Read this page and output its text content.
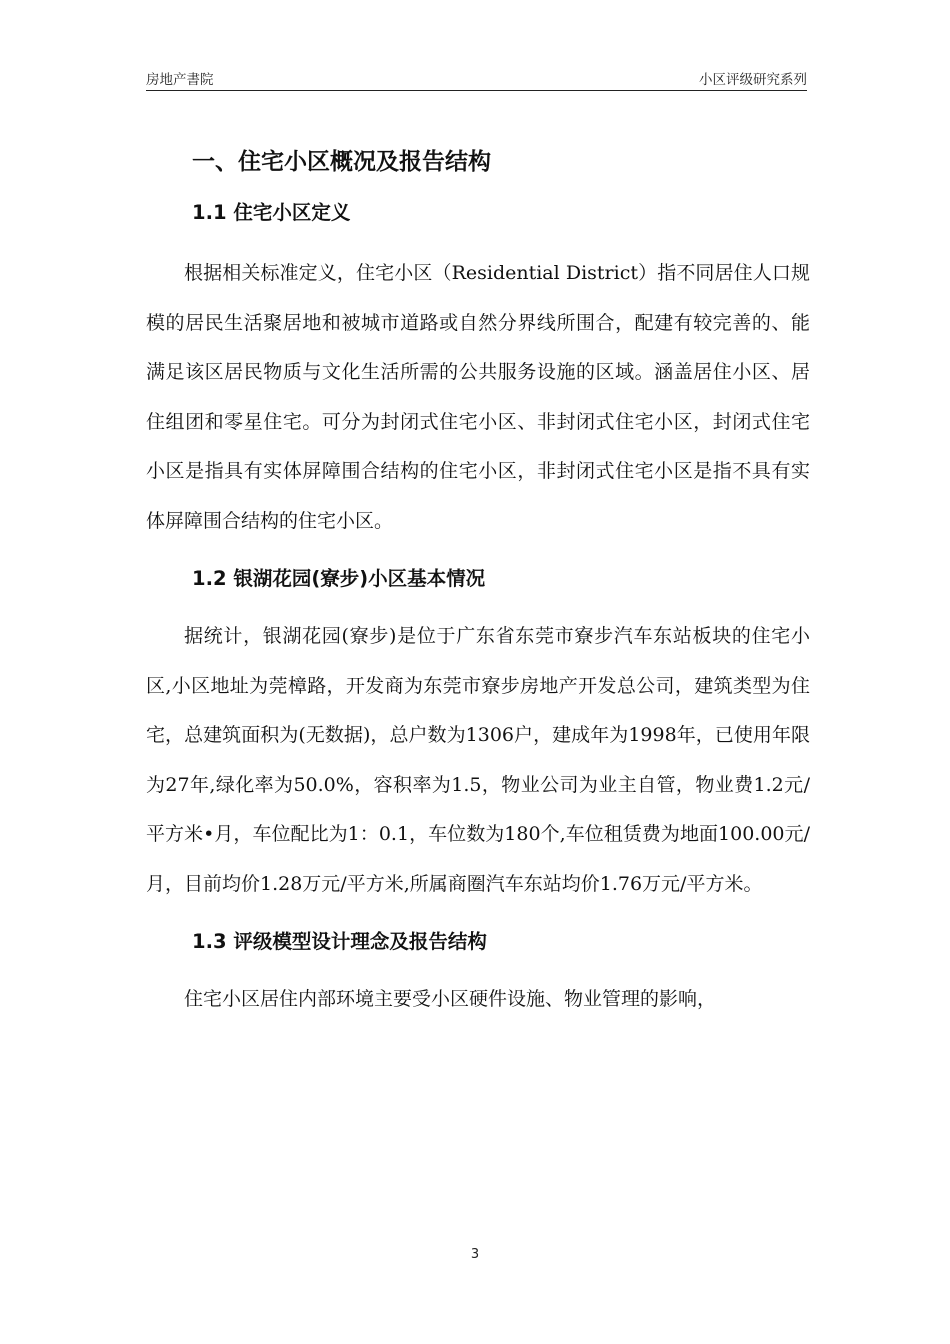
房地产書院	小区评级研究系列
一、住宅小区概况及报告结构
1.1 住宅小区定义

根据相关标准定义，住宅小区（Residential District）指不同居住人口规模的居民生活聚居地和被城市道路或自然分界线所围合，配建有较完善的、能满足该区居民物质与文化生活所需的公共服务设施的区域。涵盖居住小区、居住组团和零星住宅。可分为封闭式住宅小区、非封闭式住宅小区，封闭式住宅小区是指具有实体屏障围合结构的住宅小区，非封闭式住宅小区是指不具有实体屏障围合结构的住宅小区。

1.2 银湖花园(寮步)小区基本情况

据统计，银湖花园(寮步)是位于广东省东莞市寮步汽车东站板块的住宅小区,小区地址为莞樟路，开发商为东莞市寮步房地产开发总公司，建筑类型为住宅，总建筑面积为(无数据)，总户数为1306户，建成年为1998年，已使用年限为27年,绿化率为50.0%，容积率为1.5，物业公司为业主自管，物业费1.2元/平方米•月，车位配比为1：0.1，车位数为180个,车位租赁费为地面100.00元/月，目前均价1.28万元/平方米,所属商圈汽车东站均价1.76万元/平方米。

1.3 评级模型设计理念及报告结构

住宅小区居住内部环境主要受小区硬件设施、物业管理的影响，

3
